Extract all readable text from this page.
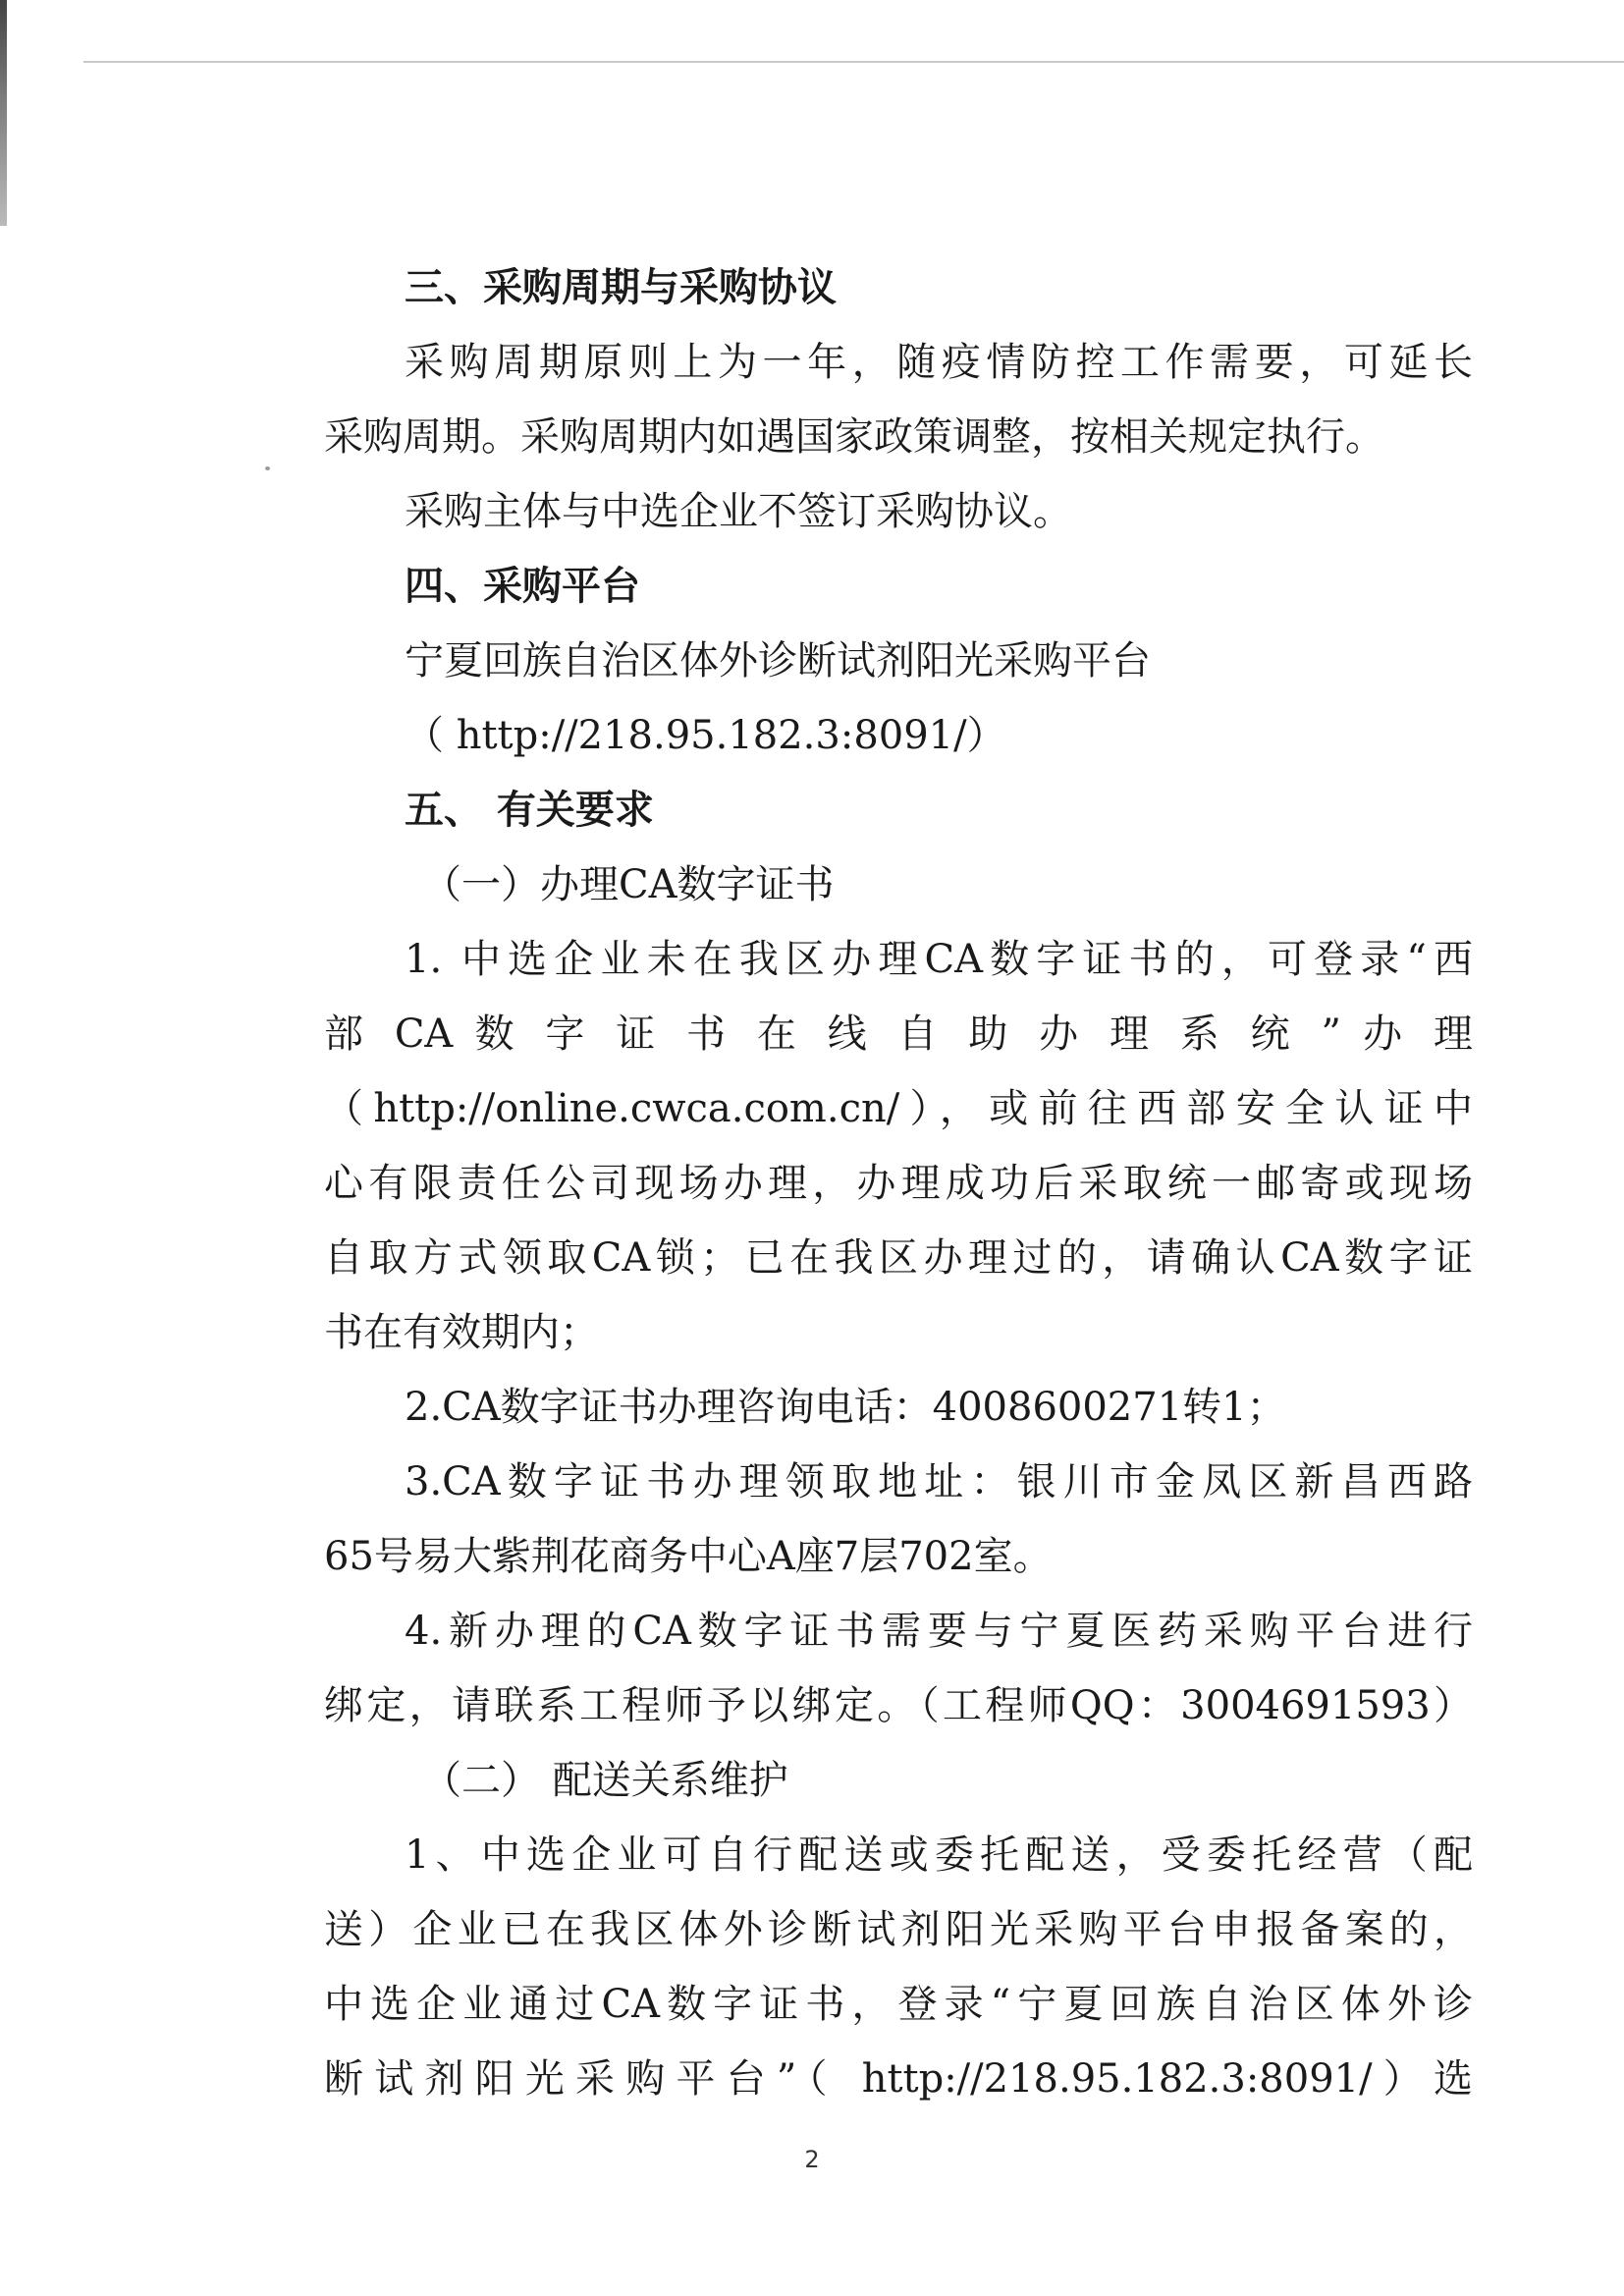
三、采购周期与采购协议
采购周期原则上为一年，随疫情防控工作需要，可延长
采购周期。采购周期内如遇国家政策调整，按相关规定执行。
采购主体与中选企业不签订采购协议。
四、采购平台
宁夏回族自治区体外诊断试剂阳光采购平台
（ http://218.95.182.3:8091/）
五、 有关要求
（一）办理CA数字证书
1. 中选企业未在我区办理CA数字证书的，可登录“西
部 CA 数 字 证 书 在 线 自 助 办 理 系 统 ” 办 理
（http://online.cwca.com.cn/），或前往西部安全认证中
心有限责任公司现场办理，办理成功后采取统一邮寄或现场
自取方式领取CA锁；已在我区办理过的，请确认CA数字证
书在有效期内；
2.CA数字证书办理咨询电话：4008600271转1；
3.CA数字证书办理领取地址：银川市金凤区新昌西路
65号易大紫荆花商务中心A座7层702室。
4.新办理的CA数字证书需要与宁夏医药采购平台进行
绑定，请联系工程师予以绑定。（工程师QQ：3004691593）
（二） 配送关系维护
1、中选企业可自行配送或委托配送，受委托经营（配
送）企业已在我区体外诊断试剂阳光采购平台申报备案的，
中选企业通过CA数字证书，登录“宁夏回族自治区体外诊
断试剂阳光采购平台”（ http://218.95.182.3:8091/）选
2
